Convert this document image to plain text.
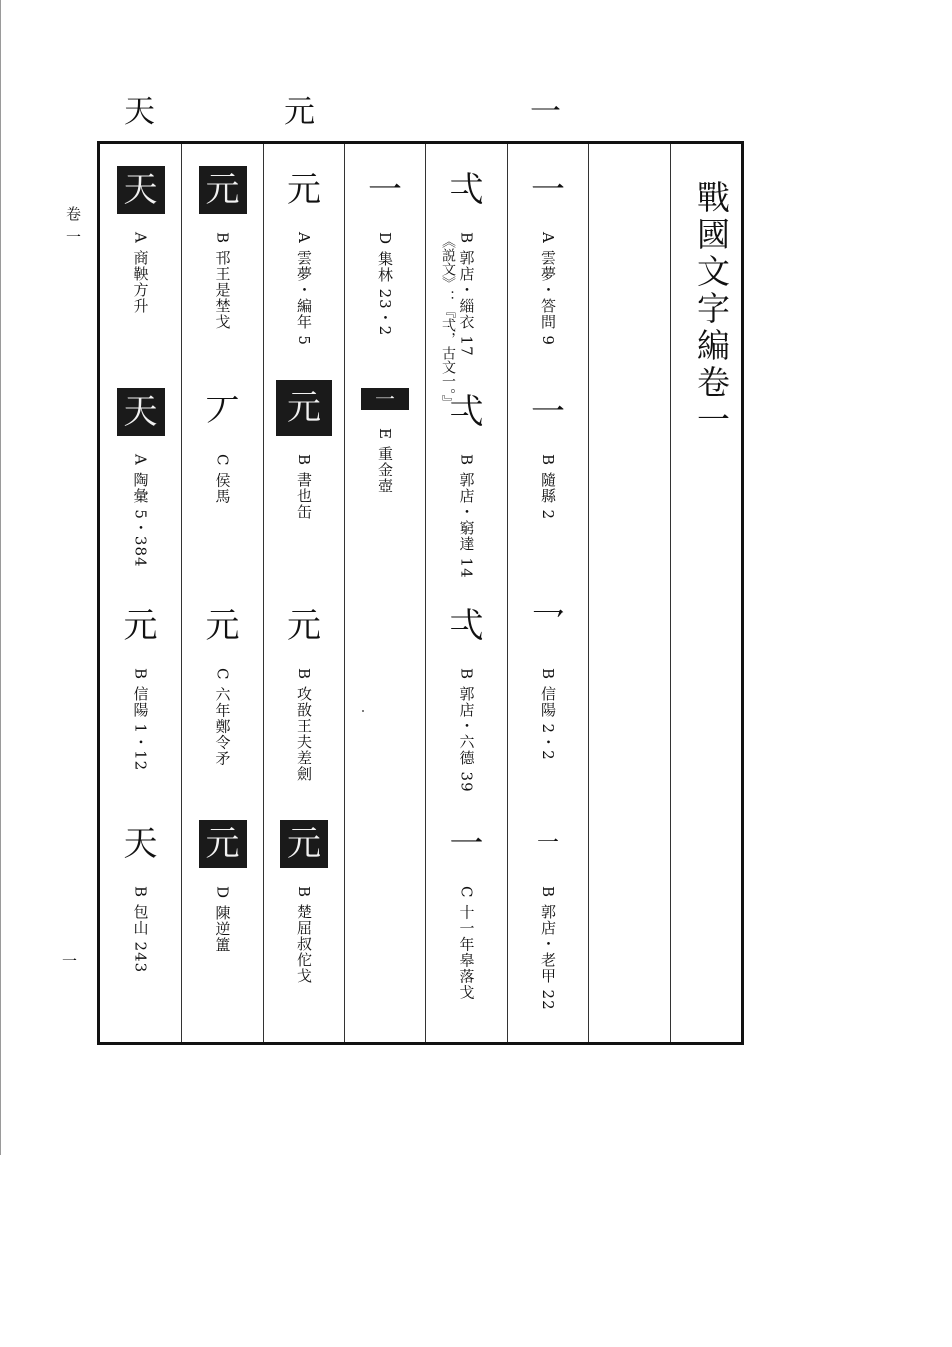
卷一
一
天	元	一
天
A 商鞅方升
天
A 陶彙 5・384
元
B 信陽 1・12
天
B 包山 243
元
B 邗王是埜戈
丆
C 侯馬
元
C 六年鄭令矛
元
D 陳逆簠
元
A 雲夢・編年 5
元
B 書也缶
元
B 攻敔王夫差劍
元
B 楚屈叔佗戈
一
D 集林 23・2
一
E 重金壺
《説文》：『弌，古文一。』
弌
B 郭店・緇衣 17
弌
B 郭店・窮達 14
弌
B 郭店・六德 39
一
C 十一年皋落戈
一
A 雲夢・答問 9
一
B 隨縣 2
乛
B 信陽 2・2
一
B 郭店・老甲 22
戰國文字編卷一
